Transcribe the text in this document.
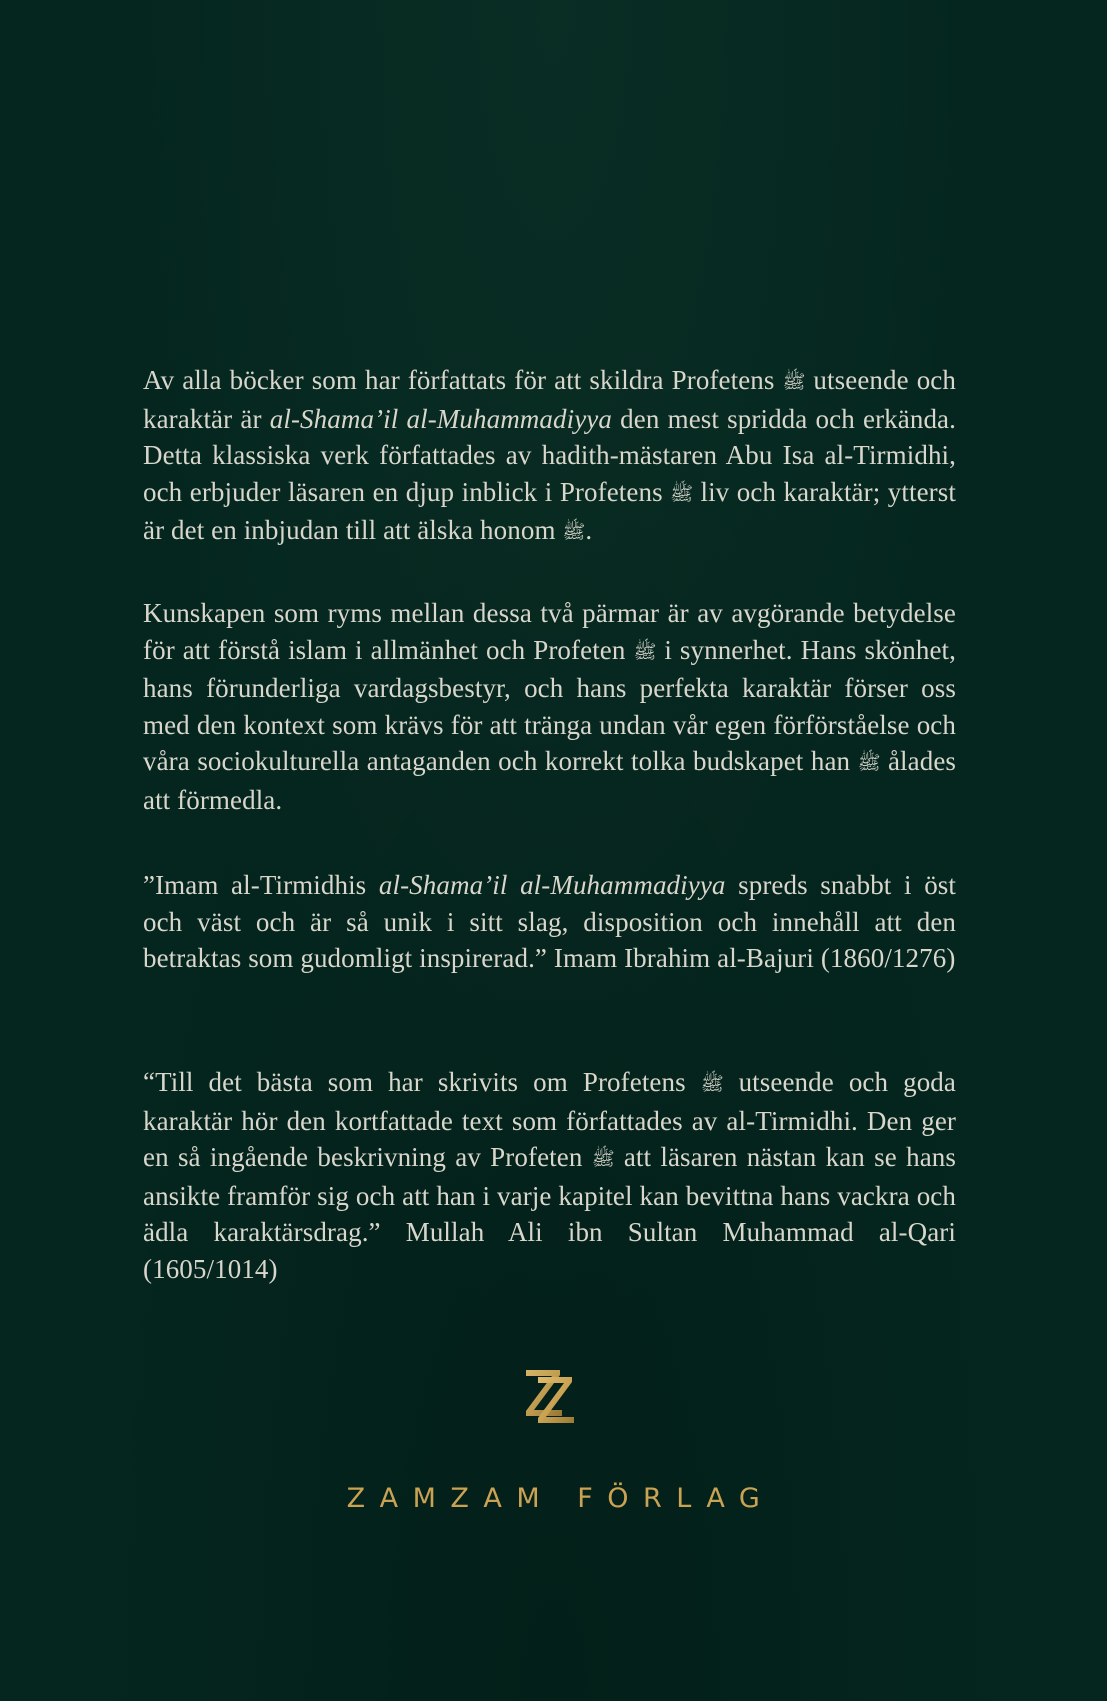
Av alla böcker som har författats för att skildra Profetens ﷺ utseende och karaktär är al-Shama’il al-Muhammadiyya den mest spridda och erkända. Detta klassiska verk författades av hadith-mästaren Abu Isa al-Tirmidhi, och erbjuder läsaren en djup inblick i Profetens ﷺ liv och karaktär; ytterst är det en inbjudan till att älska honom ﷺ.

Kunskapen som ryms mellan dessa två pärmar är av avgörande betydelse för att förstå islam i allmänhet och Profeten ﷺ i synnerhet. Hans skönhet, hans förunderliga vardagsbestyr, och hans perfekta karaktär förser oss med den kontext som krävs för att tränga undan vår egen förförståelse och våra sociokulturella antaganden och korrekt tolka budskapet han ﷺ ålades att förmedla.

”Imam al-Tirmidhis al-Shama’il al-Muhammadiyya spreds snabbt i öst och väst och är så unik i sitt slag, disposition och innehåll att den betraktas som gudomligt inspirerad.” Imam Ibrahim al-Bajuri (1860/1276)

“Till det bästa som har skrivits om Profetens ﷺ utseende och goda karaktär hör den kortfattade text som författades av al-Tirmidhi. Den ger en så ingående beskrivning av Profeten ﷺ att läsaren nästan kan se hans ansikte framför sig och att han i varje kapitel kan bevittna hans vackra och ädla karaktärsdrag.” Mullah Ali ibn Sultan Muhammad al-Qari (1605/1014)

ZAMZAM FÖRLAG
